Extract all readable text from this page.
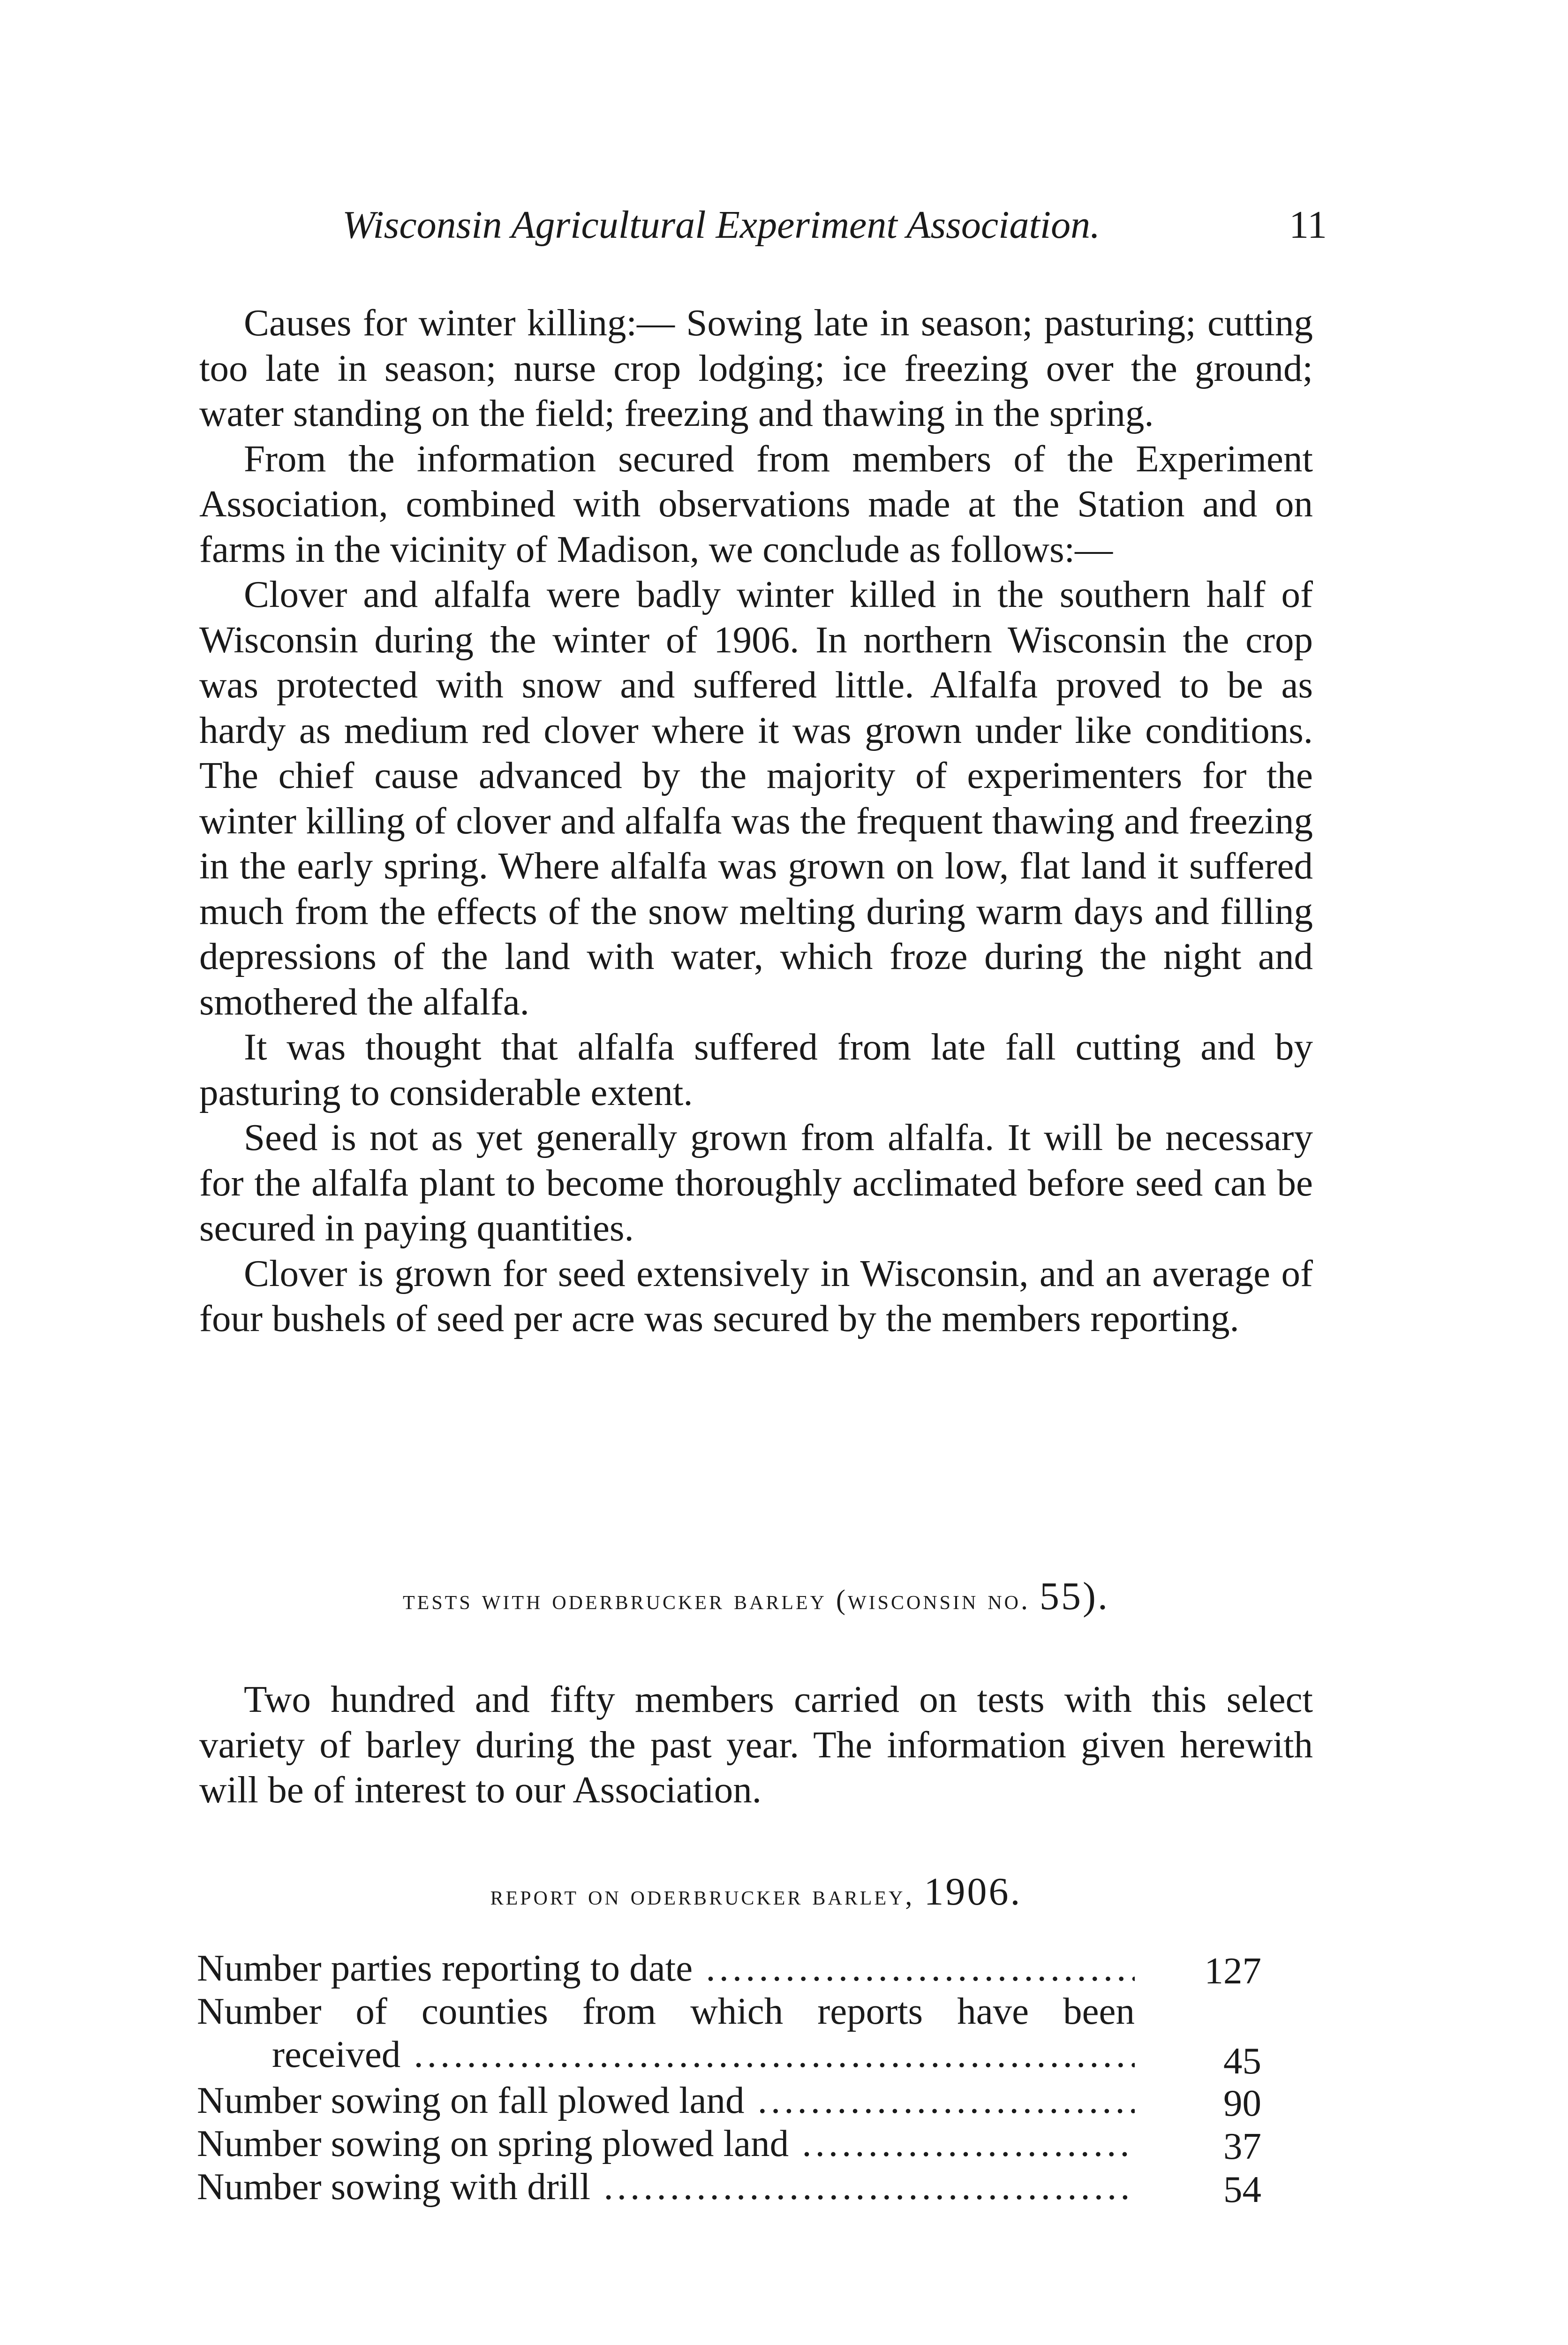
Wisconsin Agricultural Experiment Association.	11

Causes for winter killing:— Sowing late in season; pasturing; cutting too late in season; nurse crop lodging; ice freezing over the ground; water standing on the field; freezing and thawing in the spring.

From the information secured from members of the Experiment Association, combined with observations made at the Station and on farms in the vicinity of Madison, we conclude as follows:—

Clover and alfalfa were badly winter killed in the southern half of Wisconsin during the winter of 1906. In northern Wisconsin the crop was protected with snow and suffered little. Alfalfa proved to be as hardy as medium red clover where it was grown under like conditions. The chief cause advanced by the majority of experimenters for the winter killing of clover and alfalfa was the frequent thawing and freezing in the early spring. Where alfalfa was grown on low, flat land it suffered much from the effects of the snow melting during warm days and filling depressions of the land with water, which froze during the night and smothered the alfalfa.

It was thought that alfalfa suffered from late fall cutting and by pasturing to considerable extent.

Seed is not as yet generally grown from alfalfa. It will be necessary for the alfalfa plant to become thoroughly acclimated before seed can be secured in paying quantities.

Clover is grown for seed extensively in Wisconsin, and an average of four bushels of seed per acre was secured by the members reporting.

tests with oderbrucker barley (wisconsin no. 55).

Two hundred and fifty members carried on tests with this select variety of barley during the past year. The information given herewith will be of interest to our Association.

report on oderbrucker barley, 1906.
Number parties reporting to date .....	127
Number of counties from which reports have been
received .....	45
Number sowing on fall plowed land .....	90
Number sowing on spring plowed land .....	37
Number sowing with drill .....	54
